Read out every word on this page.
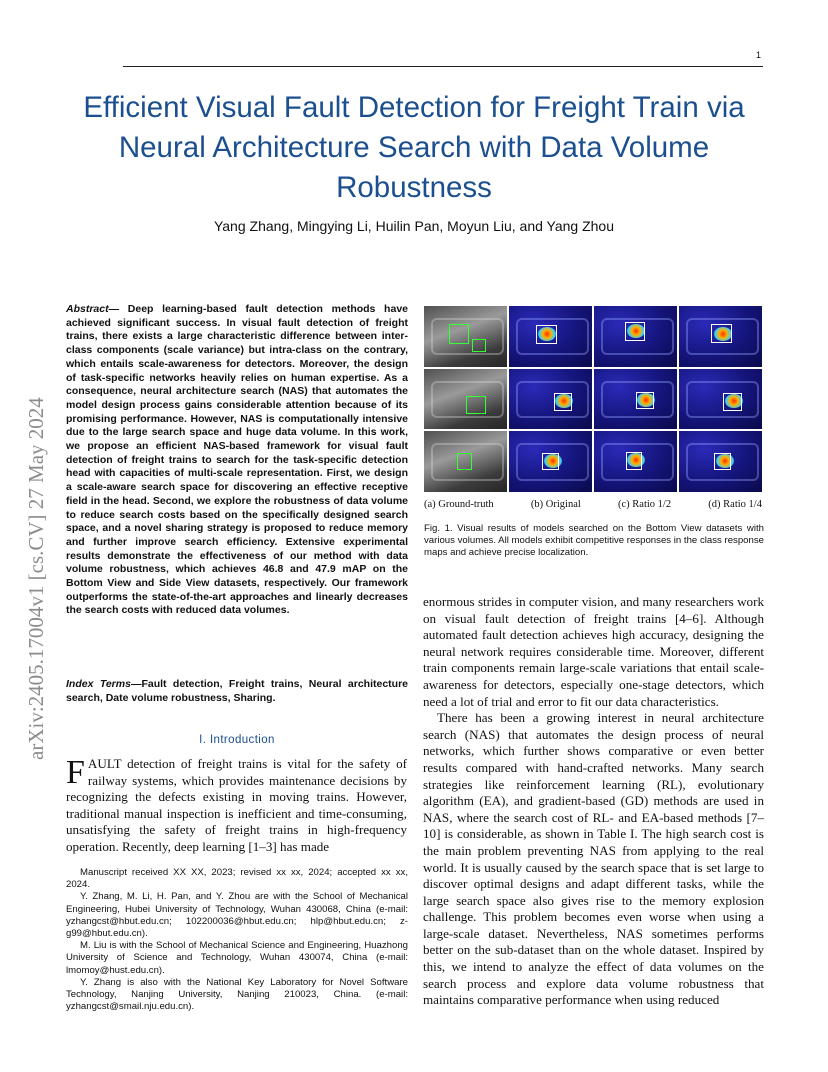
1
arXiv:2405.17004v1 [cs.CV] 27 May 2024
Efficient Visual Fault Detection for Freight Train via Neural Architecture Search with Data Volume Robustness
Yang Zhang, Mingying Li, Huilin Pan, Moyun Liu, and Yang Zhou

Abstract— Deep learning-based fault detection methods have achieved significant success. In visual fault detection of freight trains, there exists a large characteristic difference between inter-class components (scale variance) but intra-class on the contrary, which entails scale-awareness for detectors. Moreover, the design of task-specific networks heavily relies on human expertise. As a consequence, neural architecture search (NAS) that automates the model design process gains considerable attention because of its promising performance. However, NAS is computationally intensive due to the large search space and huge data volume. In this work, we propose an efficient NAS-based framework for visual fault detection of freight trains to search for the task-specific detection head with capacities of multi-scale representation. First, we design a scale-aware search space for discovering an effective receptive field in the head. Second, we explore the robustness of data volume to reduce search costs based on the specifically designed search space, and a novel sharing strategy is proposed to reduce memory and further improve search efficiency. Extensive experimental results demonstrate the effectiveness of our method with data volume robustness, which achieves 46.8 and 47.9 mAP on the Bottom View and Side View datasets, respectively. Our framework outperforms the state-of-the-art approaches and linearly decreases the search costs with reduced data volumes.

Index Terms—Fault detection, Freight trains, Neural architecture search, Date volume robustness, Sharing.

I. Introduction

FAULT detection of freight trains is vital for the safety of railway systems, which provides maintenance decisions by recognizing the defects existing in moving trains. However, traditional manual inspection is inefficient and time-consuming, unsatisfying the safety of freight trains in high-frequency operation. Recently, deep learning [1–3] has made

Manuscript received XX XX, 2023; revised xx xx, 2024; accepted xx xx, 2024.

Y. Zhang, M. Li, H. Pan, and Y. Zhou are with the School of Mechanical Engineering, Hubei University of Technology, Wuhan 430068, China (e-mail: yzhangcst@hbut.edu.cn; 102200036@hbut.edu.cn; hlp@hbut.edu.cn; z-g99@hbut.edu.cn).

M. Liu is with the School of Mechanical Science and Engineering, Huazhong University of Science and Technology, Wuhan 430074, China (e-mail: lmomoy@hust.edu.cn).

Y. Zhang is also with the National Key Laboratory for Novel Software Technology, Nanjing University, Nanjing 210023, China. (e-mail: yzhangcst@smail.nju.edu.cn).

(a) Ground-truth	(b) Original	(c) Ratio 1/2	(d) Ratio 1/4

Fig. 1. Visual results of models searched on the Bottom View datasets with various volumes. All models exhibit competitive responses in the class response maps and achieve precise localization.

enormous strides in computer vision, and many researchers work on visual fault detection of freight trains [4–6]. Although automated fault detection achieves high accuracy, designing the neural network requires considerable time. Moreover, different train components remain large-scale variations that entail scale-awareness for detectors, especially one-stage detectors, which need a lot of trial and error to fit our data characteristics.

There has been a growing interest in neural architecture search (NAS) that automates the design process of neural networks, which further shows comparative or even better results compared with hand-crafted networks. Many search strategies like reinforcement learning (RL), evolutionary algorithm (EA), and gradient-based (GD) methods are used in NAS, where the search cost of RL- and EA-based methods [7–10] is considerable, as shown in Table I. The high search cost is the main problem preventing NAS from applying to the real world. It is usually caused by the search space that is set large to discover optimal designs and adapt different tasks, while the large search space also gives rise to the memory explosion challenge. This problem becomes even worse when using a large-scale dataset. Nevertheless, NAS sometimes performs better on the sub-dataset than on the whole dataset. Inspired by this, we intend to analyze the effect of data volumes on the search process and explore data volume robustness that maintains comparative performance when using reduced
